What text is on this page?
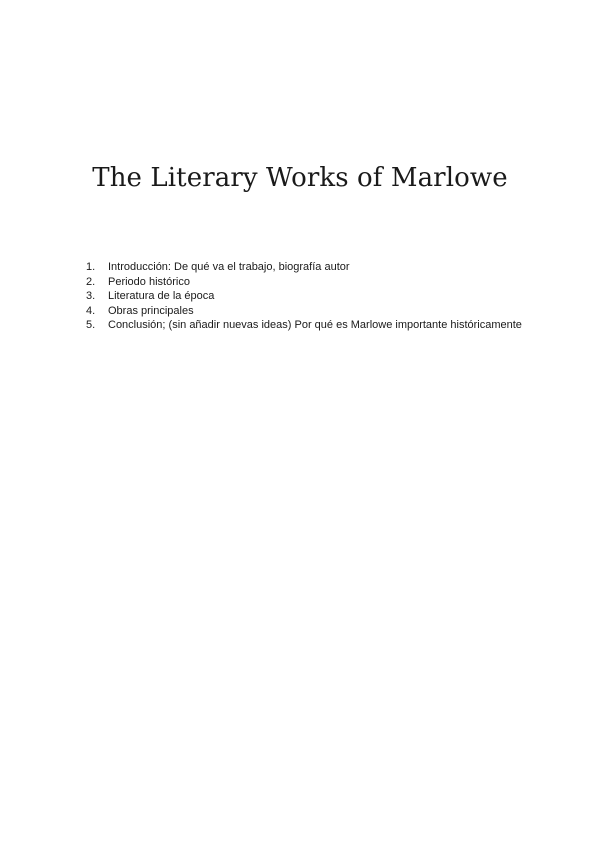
The Literary Works of Marlowe
1.	Introducción: De qué va el trabajo, biografía autor
2.	Periodo histórico
3.	Literatura de la época
4.	Obras principales
5.	Conclusión; (sin añadir nuevas ideas) Por qué es Marlowe importante históricamente
